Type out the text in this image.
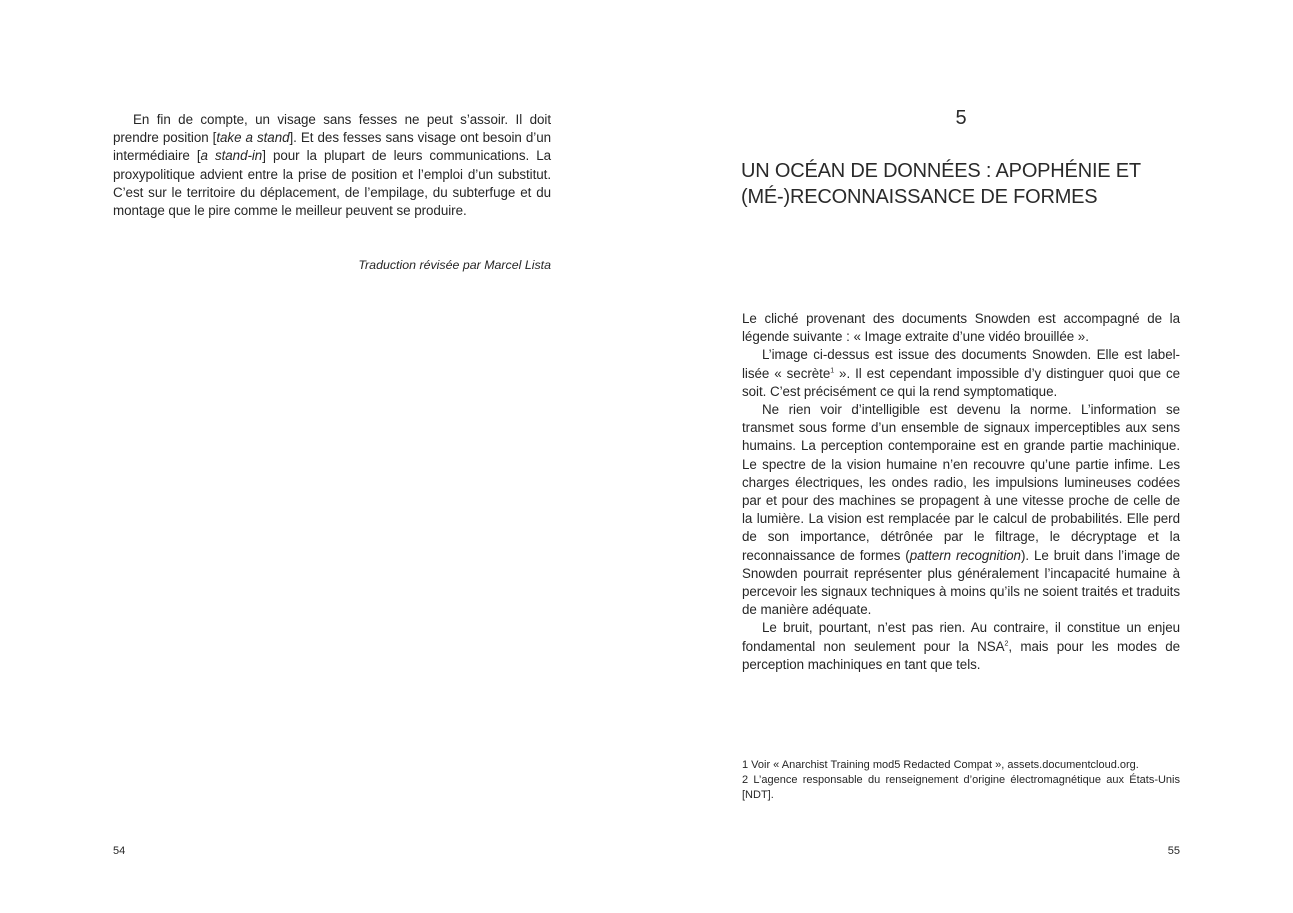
En fin de compte, un visage sans fesses ne peut s’assoir. Il doit prendre position [take a stand]. Et des fesses sans visage ont besoin d’un intermédiaire [a stand-in] pour la plupart de leurs communications. La proxypolitique advient entre la prise de position et l’emploi d’un substitut. C’est sur le territoire du déplacement, de l’empilage, du subterfuge et du montage que le pire comme le meilleur peuvent se produire.

Traduction révisée par Marcel Lista
54
5
UN OCÉAN DE DONNÉES : APOPHÉNIE ET
(MÉ-)RECONNAISSANCE DE FORMES

Le cliché provenant des documents Snowden est accompagné de la légende suivante : « Image extraite d’une vidéo brouillée ».

L’image ci-dessus est issue des documents Snowden. Elle est labellisée « secrète$^1$ ». Il est cependant impossible d’y distinguer quoi que ce soit. C’est précisément ce qui la rend symptomatique.

Ne rien voir d’intelligible est devenu la norme. L’information se transmet sous forme d’un ensemble de signaux imperceptibles aux sens humains. La perception contemporaine est en grande partie machinique. Le spectre de la vision humaine n’en recouvre qu’une partie infime. Les charges électriques, les ondes radio, les impulsions lumineuses codées par et pour des machines se propagent à une vitesse proche de celle de la lumière. La vision est remplacée par le calcul de probabilités. Elle perd de son importance, détrônée par le filtrage, le décryptage et la reconnaissance de formes (pattern recognition). Le bruit dans l’image de Snowden pourrait représenter plus généralement l’incapacité humaine à percevoir les signaux techniques à moins qu’ils ne soient traités et traduits de manière adéquate.

Le bruit, pourtant, n’est pas rien. Au contraire, il constitue un enjeu fondamental non seulement pour la NSA$^2$, mais pour les modes de perception machiniques en tant que tels.

1 Voir « Anarchist Training mod5 Redacted Compat », assets.documentcloud.org.

2 L’agence responsable du renseignement d’origine électromagnétique aux États-Unis [NDT].

55
